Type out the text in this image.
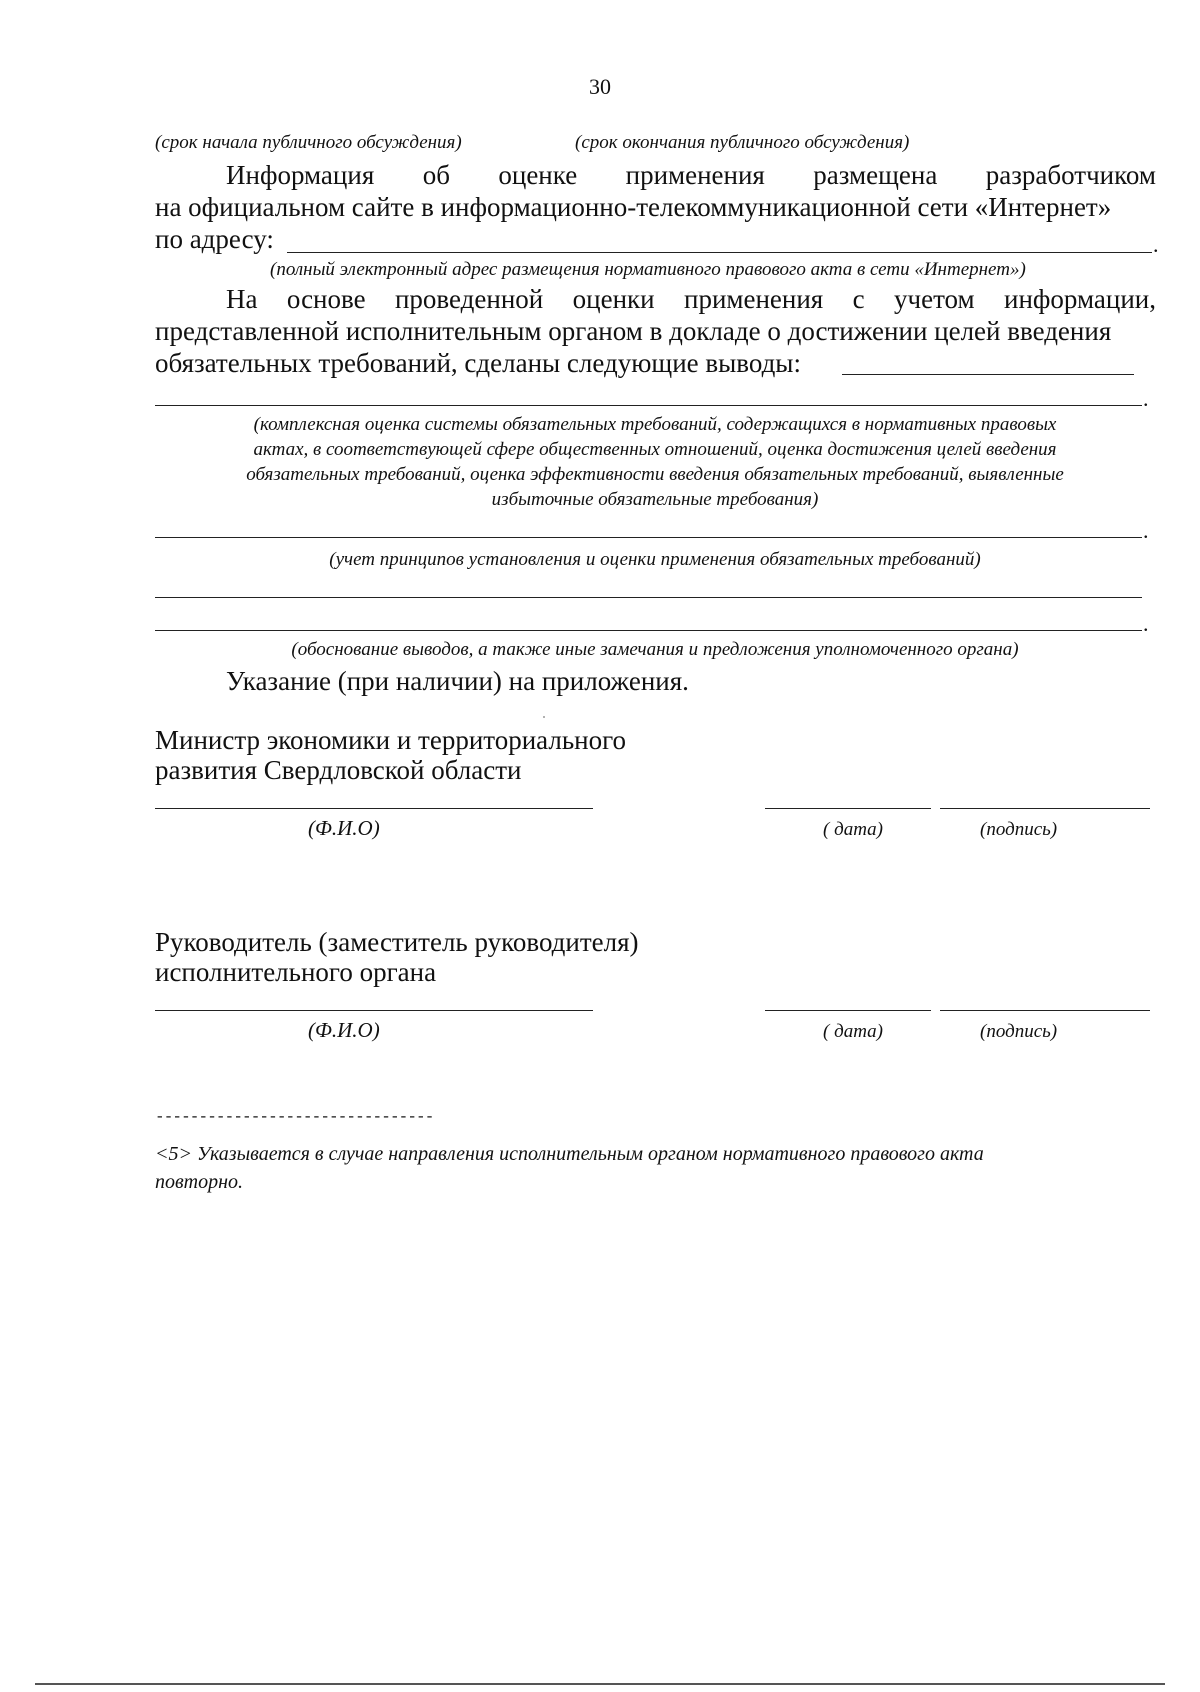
30
(срок начала публичного обсуждения)	(срок окончания публичного обсуждения)
Информация об оценке применения размещена разработчиком
на официальном сайте в информационно-телекоммуникационной сети «Интернет»
по адресу:	.
(полный электронный адрес размещения нормативного правового акта в сети «Интернет»)
На основе проведенной оценки применения с учетом информации,
представленной исполнительным органом в докладе о достижении целей введения
обязательных требований, сделаны следующие выводы:
.
(комплексная оценка системы обязательных требований, содержащихся в нормативных правовых
актах, в соответствующей сфере общественных отношений, оценка достижения целей введения
обязательных требований, оценка эффективности введения обязательных требований, выявленные
избыточные обязательные требования)
.
(учет принципов установления и оценки применения обязательных требований)
.
(обоснование выводов, а также иные замечания и предложения уполномоченного органа)
Указание (при наличии) на приложения.
Министр экономики и территориального
развития Свердловской области
(Ф.И.О)	( дата)	(подпись)
Руководитель (заместитель руководителя)
исполнительного органа
(Ф.И.О)	( дата)	(подпись)
--------------------------------
<5> Указывается в случае направления исполнительным органом нормативного правового акта
повторно.
